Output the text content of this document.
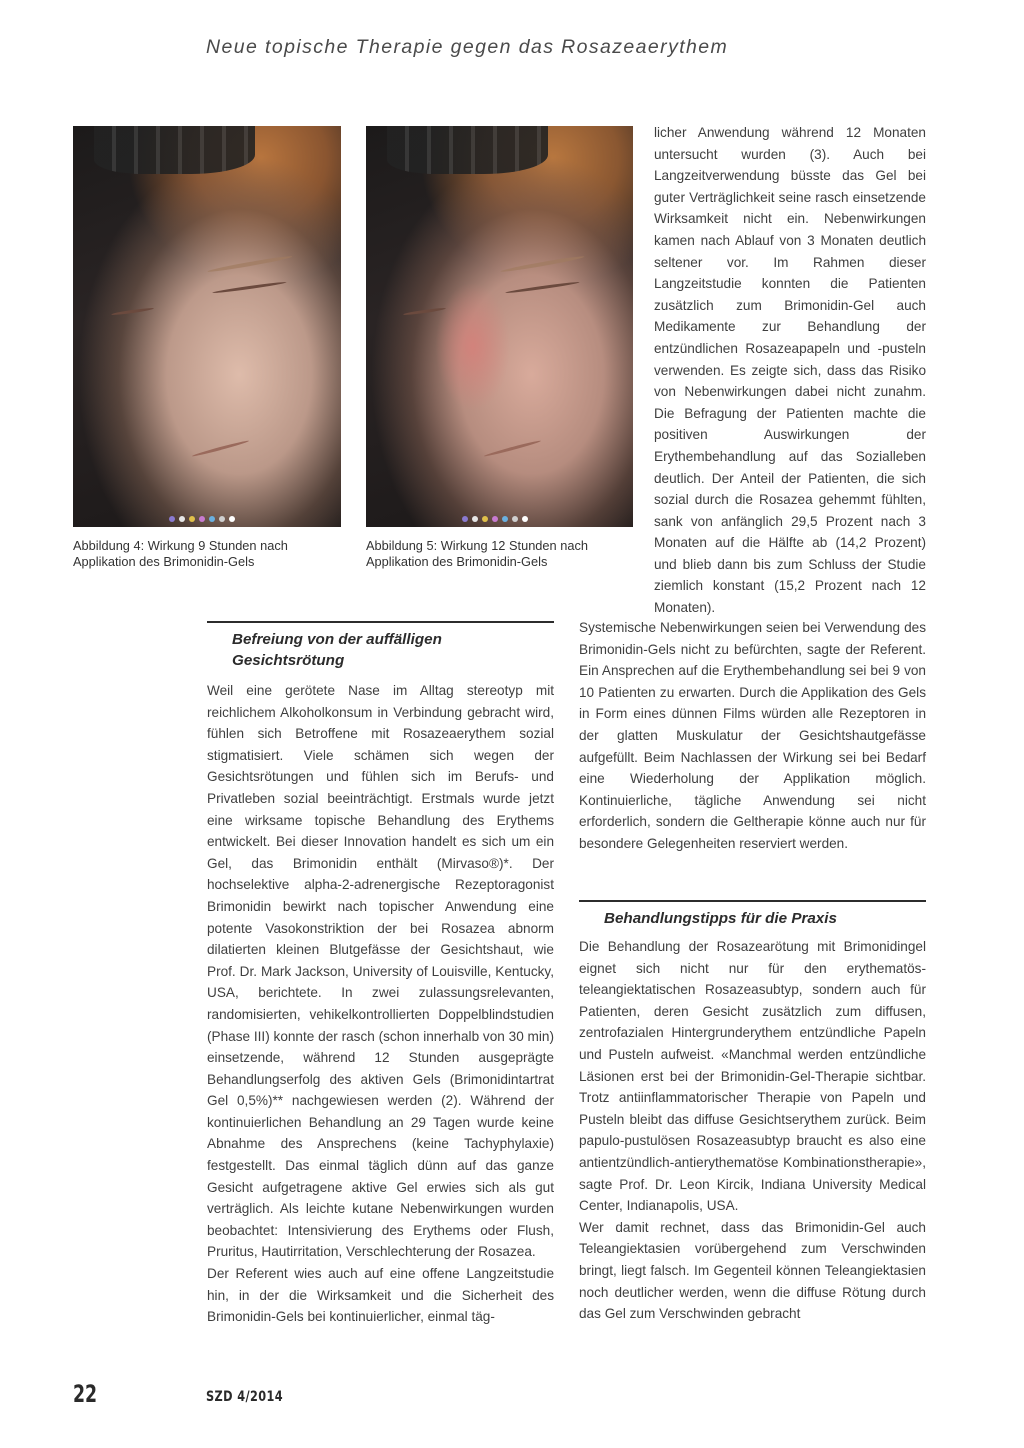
Neue topische Therapie gegen das Rosazeaerythem
Abbildung 4: Wirkung 9 Stunden nach Applikation des Brimonidin-Gels
Abbildung 5: Wirkung 12 Stunden nach Applikation des Brimonidin-Gels

licher Anwendung während 12 Monaten untersucht wurden (3). Auch bei Langzeitverwendung büsste das Gel bei guter Verträglichkeit seine rasch einsetzende Wirksamkeit nicht ein. Nebenwirkungen kamen nach Ablauf von 3 Monaten deutlich seltener vor. Im Rahmen dieser Langzeitstudie konnten die Patienten zusätzlich zum Brimonidin-Gel auch Medikamente zur Behandlung der entzündlichen Rosazeapapeln und -pusteln verwenden. Es zeigte sich, dass das Risiko von Nebenwirkungen dabei nicht zunahm. Die Befragung der Patienten machte die positiven Auswirkungen der Erythembehandlung auf das Sozialleben deutlich. Der Anteil der Patienten, die sich sozial durch die Rosazea gehemmt fühlten, sank von anfänglich 29,5 Prozent nach 3 Monaten auf die Hälfte ab (14,2 Prozent) und blieb dann bis zum Schluss der Studie ziemlich konstant (15,2 Prozent nach 12 Monaten).

Befreiung von der auffälligen
Gesichtsrötung

Weil eine gerötete Nase im Alltag stereotyp mit reichlichem Alkoholkonsum in Verbindung gebracht wird, fühlen sich Betroffene mit Rosazeaerythem sozial stigmatisiert. Viele schämen sich wegen der Gesichtsrötungen und fühlen sich im Berufs- und Privatleben sozial beeinträchtigt. Erstmals wurde jetzt eine wirksame topische Behandlung des Erythems entwickelt. Bei dieser Innovation handelt es sich um ein Gel, das Brimonidin enthält (Mirvaso®)*. Der hochselektive alpha-2-adrenergische Rezeptoragonist Brimonidin bewirkt nach topischer Anwendung eine potente Vasokonstriktion der bei Rosazea abnorm dilatierten kleinen Blutgefässe der Gesichtshaut, wie Prof. Dr. Mark Jackson, University of Louisville, Kentucky, USA, berichtete. In zwei zulassungsrelevanten, randomisierten, vehikelkontrollierten Doppelblindstudien (Phase III) konnte der rasch (schon innerhalb von 30 min) einsetzende, während 12 Stunden ausgeprägte Behandlungserfolg des aktiven Gels (Brimonidintartrat Gel 0,5%)** nachgewiesen werden (2). Während der kontinuierlichen Behandlung an 29 Tagen wurde keine Abnahme des Ansprechens (keine Tachyphylaxie) festgestellt. Das einmal täglich dünn auf das ganze Gesicht aufgetragene aktive Gel erwies sich als gut verträglich. Als leichte kutane Nebenwirkungen wurden beobachtet: Intensivierung des Erythems oder Flush, Pruritus, Hautirritation, Verschlechterung der Rosazea.

Der Referent wies auch auf eine offene Langzeitstudie hin, in der die Wirksamkeit und die Sicherheit des Brimonidin-Gels bei kontinuierlicher, einmal täg-

Systemische Nebenwirkungen seien bei Verwendung des Brimonidin-Gels nicht zu befürchten, sagte der Referent. Ein Ansprechen auf die Erythembehandlung sei bei 9 von 10 Patienten zu erwarten. Durch die Applikation des Gels in Form eines dünnen Films würden alle Rezeptoren in der glatten Muskulatur der Gesichtshautgefässe aufgefüllt. Beim Nachlassen der Wirkung sei bei Bedarf eine Wiederholung der Applikation möglich. Kontinuierliche, tägliche Anwendung sei nicht erforderlich, sondern die Geltherapie könne auch nur für besondere Gelegenheiten reserviert werden.

Behandlungstipps für die Praxis

Die Behandlung der Rosazearötung mit Brimonidingel eignet sich nicht nur für den erythematös-teleangiektatischen Rosazeasubtyp, sondern auch für Patienten, deren Gesicht zusätzlich zum diffusen, zentrofazialen Hintergrunderythem entzündliche Papeln und Pusteln aufweist. «Manchmal werden entzündliche Läsionen erst bei der Brimonidin-Gel-Therapie sichtbar. Trotz antiinflammatorischer Therapie von Papeln und Pusteln bleibt das diffuse Gesichtserythem zurück. Beim papulo-pustulösen Rosazeasubtyp braucht es also eine antientzündlich-antierythematöse Kombinationstherapie», sagte Prof. Dr. Leon Kircik, Indiana University Medical Center, Indianapolis, USA.

Wer damit rechnet, dass das Brimonidin-Gel auch Teleangiektasien vorübergehend zum Verschwinden bringt, liegt falsch. Im Gegenteil können Teleangiektasien noch deutlicher werden, wenn die diffuse Rötung durch das Gel zum Verschwinden gebracht

22	SZD 4/2014
